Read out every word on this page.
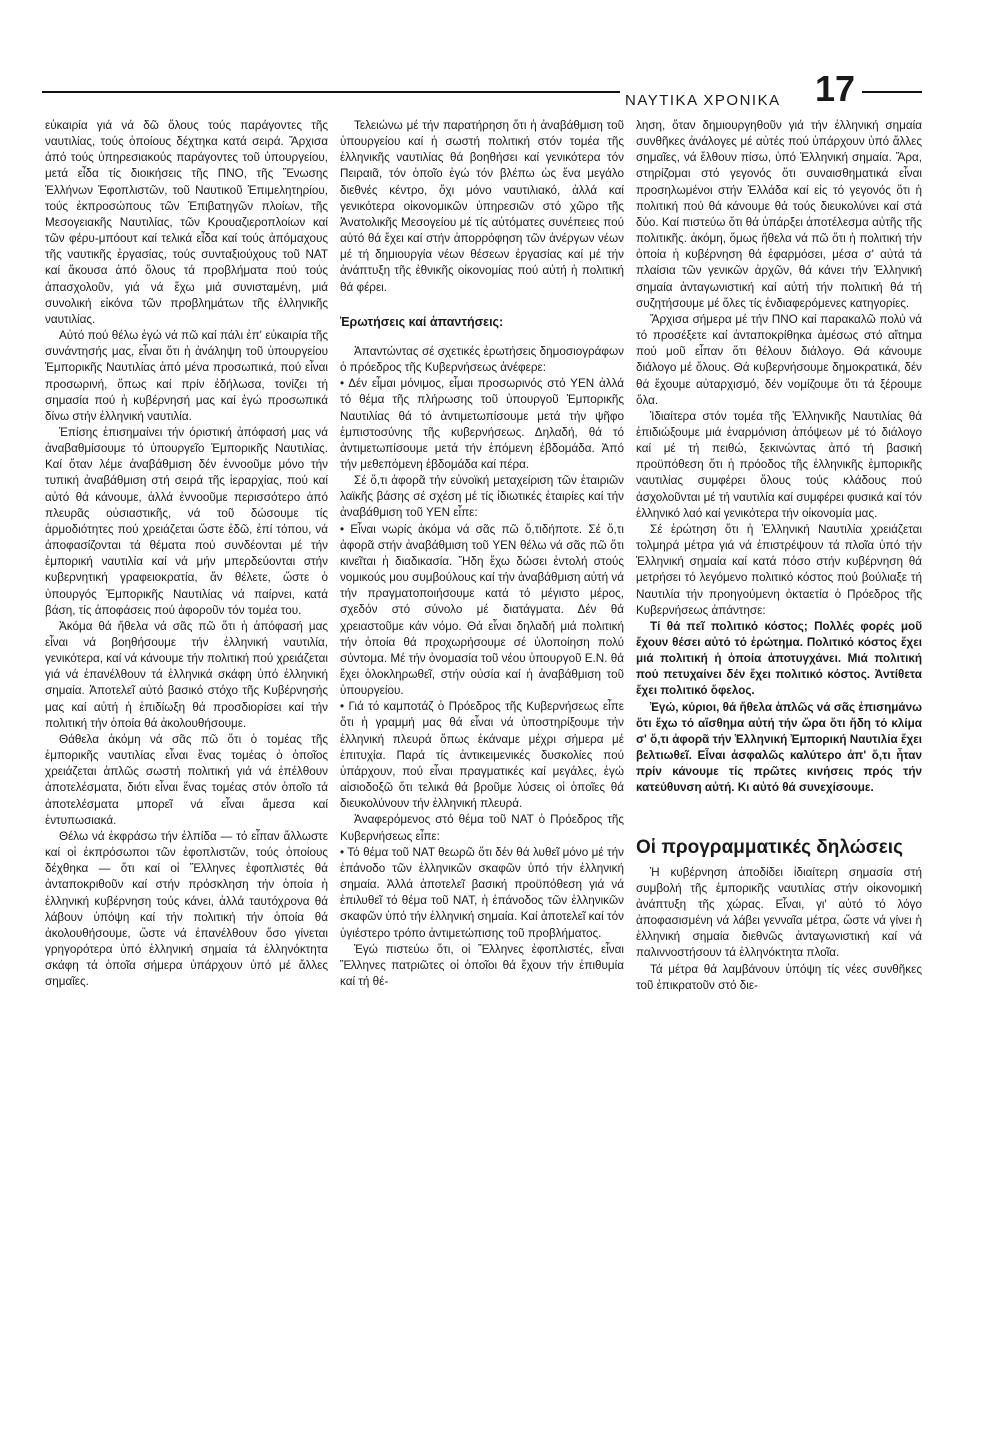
ΝΑΥΤΙΚΑ ΧΡΟΝΙΚΑ 17

εὐκαιρία γιά νά δῶ ὅλους τούς παράγοντες τῆς ναυτιλίας, τούς ὁποίους δέχτηκα κατά σειρά. Ἄρχισα ἀπό τούς ὑπηρεσιακούς παράγοντες τοῦ ὑπουργείου, μετά εἶδα τίς διοικήσεις τῆς ΠΝΟ, τῆς Ἕνωσης Ἑλλήνων Ἐφοπλιστῶν, τοῦ Ναυτικοῦ Ἐπιμελητηρίου, τούς ἐκπροσώπους τῶν Ἐπιβατηγῶν πλοίων, τῆς Μεσογειακῆς Ναυτιλίας, τῶν Κρουαζιεροπλοίων καί τῶν φέρυ-μπόουτ καί τελικά εἶδα καί τούς ἀπόμαχους τῆς ναυτικῆς ἐργασίας, τούς συνταξιούχους τοῦ ΝΑΤ καί ἄκουσα ἀπό ὅλους τά προβλήματα πού τούς ἀπασχολοῦν, γιά νά ἔχω μιά συνισταμένη, μιά συνολική εἰκόνα τῶν προβλημάτων τῆς ἑλληνικῆς ναυτιλίας.

Αὐτό πού θέλω ἐγώ νά πῶ καί πάλι ἐπ' εὐκαιρία τῆς συνάντησής μας, εἶναι ὅτι ἡ ἀνάληψη τοῦ ὑπουργείου Ἐμπορικῆς Ναυτιλίας ἀπό μένα προσωπικά, πού εἶναι προσωρινή, ὅπως καί πρίν ἐδήλωσα, τονίζει τή σημασία πού ἡ κυβέρνησή μας καί ἐγώ προσωπικά δίνω στήν ἑλληνική ναυτιλία.

Ἐπίσης ἐπισημαίνει τήν όριστική ἀπόφασή μας νά ἀναβαθμίσουμε τό ὑπουργεῖο Ἐμπορικῆς Ναυτιλίας. Καί ὅταν λέμε ἀναβάθμιση δέν ἐννοοῦμε μόνο τήν τυπική ἀναβάθμιση στή σειρά τῆς ἱεραρχίας, πού καί αὐτό θά κάνουμε, ἀλλά ἐννοοῦμε περισσότερο ἀπό πλευρᾶς οὐσιαστικῆς, νά τοῦ δώσουμε τίς ἁρμοδιότητες πού χρειάζεται ὥστε ἐδῶ, ἐπί τόπου, νά ἀποφασίζονται τά θέματα πού συνδέονται μέ τήν ἐμπορική ναυτιλία καί νά μήν μπερδεύονται στήν κυβερνητική γραφειοκρατία, ἄν θέλετε, ὥστε ὁ ὑπουργός Ἐμπορικῆς Ναυτιλίας νά παίρνει, κατά βάση, τίς ἀποφάσεις πού ἀφοροῦν τόν τομέα του.

Ἀκόμα θά ἤθελα νά σᾶς πῶ ὅτι ἡ ἀπόφασή μας εἶναι νά βοηθήσουμε τήν ἑλληνική ναυτιλία, γενικότερα, καί νά κάνουμε τήν πολιτική πού χρειάζεται γιά νά ἐπανέλθουν τά ἑλληνικά σκάφη ὑπό ἑλληνική σημαία. Ἀποτελεῖ αὐτό βασικό στόχο τῆς Κυβέρνησής μας καί αὐτή ἡ ἐπιδίωξη θά προσδιορίσει καί τήν πολιτική τήν ὁποία θά ἀκολουθήσουμε.

Θάθελα ἀκόμη νά σᾶς πῶ ὅτι ὁ τομέας τῆς ἐμπορικῆς ναυτιλίας εἶναι ἕνας τομέας ὁ ὁποῖος χρειάζεται ἁπλῶς σωστή πολιτική γιά νά ἐπέλθουν ἀποτελέσματα, διότι εἶναι ἕνας τομέας στόν ὁποῖο τά ἀποτελέσματα μπορεῖ νά εἶναι ἄμεσα καί ἐντυπωσιακά.

Θέλω νά ἐκφράσω τήν ἐλπίδα — τό εἶπαν ἄλλωστε καί οἱ ἐκπρόσωποι τῶν ἐφοπλιστῶν, τούς ὁποίους δέχθηκα — ὅτι καί οἱ Ἕλληνες ἐφοπλιστές θά ἀνταποκριθοῦν καί στήν πρόσκληση τήν ὁποία ἡ ἑλληνική κυβέρνηση τούς κάνει, ἀλλά ταυτόχρονα θά λάβουν ὑπόψη καί τήν πολιτική τήν ὁποία θά ἀκολουθήσουμε, ὥστε νά ἐπανέλθουν ὅσο γίνεται γρηγορότερα ὑπό ἑλληνική σημαία τά ἑλληνόκτητα σκάφη τά ὁποῖα σήμερα ὑπάρχουν ὑπό μέ ἄλλες σημαῖες.

Τελειώνω μέ τήν παρατήρηση ὅτι ἡ ἀναβάθμιση τοῦ ὑπουργείου καί ἡ σωστή πολιτική στόν τομέα τῆς ἑλληνικῆς ναυτιλίας θά βοηθήσει καί γενικότερα τόν Πειραιᾶ, τόν ὁποῖο ἐγώ τόν βλέπω ὡς ἕνα μεγάλο διεθνές κέντρο, ὄχι μόνο ναυτιλιακό, ἀλλά καί γενικότερα οἰκονομικῶν ὑπηρεσιῶν στό χῶρο τῆς Ἀνατολικῆς Μεσογείου μέ τίς αὐτόματες συνέπειες πού αὐτό θά ἔχει καί στήν ἀπορρόφηση τῶν ἀνέργων νέων μέ τή δημιουργία νέων θέσεων ἐργασίας καί μέ τήν ἀνάπτυξη τῆς ἐθνικῆς οἰκονομίας πού αὐτή ἡ πολιτική θά φέρει.

Ἐρωτήσεις καί ἀπαντήσεις:

Ἀπαντώντας σέ σχετικές ἐρωτήσεις δημοσιογράφων ὁ πρόεδρος τῆς Κυβερνήσεως ἀνέφερε:

• Δέν εἶμαι μόνιμος, εἶμαι προσωρινός στό ΥΕΝ ἀλλά τό θέμα τῆς πλήρωσης τοῦ ὑπουργοῦ Ἐμπορικῆς Ναυτιλίας θά τό ἀντιμετωπίσουμε μετά τήν ψῆφο ἐμπιστοσύνης τῆς κυβερνήσεως. Δηλαδή, θά τό ἀντιμετωπίσουμε μετά τήν ἑπόμενη ἑβδομάδα. Ἀπό τήν μεθεπόμενη ἑβδομάδα καί πέρα.

Σέ ὅ,τι ἀφορᾶ τήν εὐνοϊκή μεταχείριση τῶν ἑταιριῶν λαϊκῆς βάσης σέ σχέση μέ τίς ἰδιωτικές ἑταιρίες καί τήν ἀναβάθμιση τοῦ ΥΕΝ εἶπε:

• Εἶναι νωρίς ἀκόμα νά σᾶς πῶ ὅ,τιδήποτε. Σέ ὅ,τι ἀφορᾶ στήν ἀναβάθμιση τοῦ ΥΕΝ θέλω νά σᾶς πῶ ὅτι κινεῖται ἡ διαδικασία. Ἤδη ἔχω δώσει ἐντολή στούς νομικούς μου συμβούλους καί τήν ἀναβάθμιση αὐτή νά τήν πραγματοποιήσουμε κατά τό μέγιστο μέρος, σχεδόν στό σύνολο μέ διατάγματα. Δέν θά χρειαστοῦμε κάν νόμο. Θά εἶναι δηλαδή μιά πολιτική τήν ὁποία θά προχωρήσουμε σέ ὑλοποίηση πολύ σύντομα. Μέ τήν ὀνομασία τοῦ νέου ὑπουργοῦ Ε.Ν. θά ἔχει ὁλοκληρωθεῖ, στήν οὐσία καί ἡ ἀναβάθμιση τοῦ ὑπουργείου.

• Γιά τό καμποτάζ ὁ Πρόεδρος τῆς Κυβερνήσεως εἶπε ὅτι ἡ γραμμή μας θά εἶναι νά ὑποστηρίξουμε τήν ἑλληνική πλευρά ὅπως ἐκάναμε μέχρι σήμερα μέ ἐπιτυχία. Παρά τίς ἀντικειμενικές δυσκολίες πού ὑπάρχουν, πού εἶναι πραγματικές καί μεγάλες, ἐγώ αἰσιοδοξῶ ὅτι τελικά θά βροῦμε λύσεις οἱ ὁποῖες θά διευκολύνουν τήν ἑλληνική πλευρά.

Ἀναφερόμενος στό θέμα τοῦ ΝΑΤ ὁ Πρόεδρος τῆς Κυβερνήσεως εἶπε:

• Τό θέμα τοῦ ΝΑΤ θεωρῶ ὅτι δέν θά λυθεῖ μόνο μέ τήν ἐπάνοδο τῶν ἑλληνικῶν σκαφῶν ὑπό τήν ἑλληνική σημαία. Ἀλλά ἀποτελεῖ βασική προϋπόθεση γιά νά ἐπιλυθεῖ τό θέμα τοῦ ΝΑΤ, ἡ ἐπάνοδος τῶν ἑλληνικῶν σκαφῶν ὑπό τήν ἑλληνική σημαία. Καί ἀποτελεῖ καί τόν ὑγιέστερο τρόπο ἀντιμετώπισης τοῦ προβλήματος.

Ἐγώ πιστεύω ὅτι, οἱ Ἕλληνες ἐφοπλιστές, εἶναι Ἕλληνες πατριῶτες οἱ ὁποῖοι θά ἔχουν τήν ἐπιθυμία καί τή θέ-

ληση, ὅταν δημιουργηθοῦν γιά τήν ἑλληνική σημαία συνθῆκες ἀνάλογες μέ αὐτές πού ὑπάρχουν ὑπό ἄλλες σημαῖες, νά ἔλθουν πίσω, ὑπό Ἑλληνική σημαία. Ἄρα, στηρίζομαι στό γεγονός ὅτι συναισθηματικά εἶναι προσηλωμένοι στήν Ἑλλάδα καί εἰς τό γεγονός ὅτι ἡ πολιτική πού θά κάνουμε θά τούς διευκολύνει καί στά δύο. Καί πιστεύω ὅτι θά ὑπάρξει ἀποτέλεσμα αὐτῆς τῆς πολιτικῆς. ἀκόμη, ὅμως ἤθελα νά πῶ ὅτι ἡ πολιτική τήν ὁποία ἡ κυβέρνηση θά ἐφαρμόσει, μέσα σ' αὐτά τά πλαίσια τῶν γενικῶν ἀρχῶν, θά κάνει τήν Ἑλληνική σημαία ἀνταγωνιστική καί αὐτή τήν πολιτική θά τή συζητήσουμε μέ ὅλες τίς ἐνδιαφερόμενες κατηγορίες.

Ἄρχισα σήμερα μέ τήν ΠΝΟ καί παρακαλῶ πολύ νά τό προσέξετε καί ἀνταποκρίθηκα ἀμέσως στό αἴτημα πού μοῦ εἶπαν ὅτι θέλουν διάλογο. Θά κάνουμε διάλογο μέ ὅλους. Θά κυβερνήσουμε δημοκρατικά, δέν θά ἔχουμε αὐταρχισμό, δέν νομίζουμε ὅτι τά ξέρουμε ὅλα.

Ἰδιαίτερα στόν τομέα τῆς Ἑλληνικῆς Ναυτιλίας θά ἐπιδιώξουμε μιά ἐναρμόνιση ἀπόψεων μέ τό διάλογο καί μέ τή πειθώ, ξεκινώντας ἀπό τή βασική προϋπόθεση ὅτι ἡ πρόοδος τῆς ἑλληνικῆς ἐμπορικῆς ναυτιλίας συμφέρει ὅλους τούς κλάδους πού ἀσχολοῦνται μέ τή ναυτιλία καί συμφέρει φυσικά καί τόν ἑλληνικό λαό καί γενικότερα τήν οἰκονομία μας.

Σέ ἐρώτηση ὅτι ἡ Ἑλληνική Ναυτιλία χρειάζεται τολμηρά μέτρα γιά νά ἐπιστρέψουν τά πλοῖα ὑπό τήν Ἑλληνική σημαία καί κατά πόσο στήν κυβέρνηση θά μετρήσει τό λεγόμενο πολιτικό κόστος πού βούλιαξε τή Ναυτιλία τήν προηγούμενη ὀκταετία ὁ Πρόεδρος τῆς Κυβερνήσεως ἀπάντησε:

Τί θά πεῖ πολιτικό κόστος; Πολλές φορές μοῦ ἔχουν θέσει αὐτό τό ἐρώτημα. Πολιτικό κόστος ἔχει μιά πολιτική ἡ ὁποία ἀποτυγχάνει. Μιά πολιτική πού πετυχαίνει δέν ἔχει πολιτικό κόστος. Ἀντίθετα ἔχει πολιτικό ὄφελος.

Ἐγώ, κύριοι, θά ἤθελα ἁπλῶς νά σᾶς ἐπισημάνω ὅτι ἔχω τό αἴσθημα αὐτή τήν ὥρα ὅτι ἤδη τό κλίμα σ' ὅ,τι ἀφορᾶ τήν Ἑλληνική Ἐμπορική Ναυτιλία ἔχει βελτιωθεῖ. Εἶναι ἀσφαλῶς καλύτερο ἀπ' ὅ,τι ἦταν πρίν κάνουμε τίς πρῶτες κινήσεις πρός τήν κατεύθυνση αὐτή. Κι αὐτό θά συνεχίσουμε.

Οἱ προγραμματικές δηλώσεις

Ἡ κυβέρνηση ἀποδίδει ἰδιαίτερη σημασία στή συμβολή τῆς ἐμπορικῆς ναυτιλίας στήν οἰκονομική ἀνάπτυξη τῆς χώρας. Εἶναι, γι' αὐτό τό λόγο ἀποφασισμένη νά λάβει γενναῖα μέτρα, ὥστε νά γίνει ἡ ἑλληνική σημαία διεθνῶς ἀνταγωνιστική καί νά παλιννοστήσουν τά ἑλληνόκτητα πλοῖα.

Τά μέτρα θά λαμβάνουν ὑπόψη τίς νέες συνθῆκες τοῦ ἐπικρατοῦν στό διε-
